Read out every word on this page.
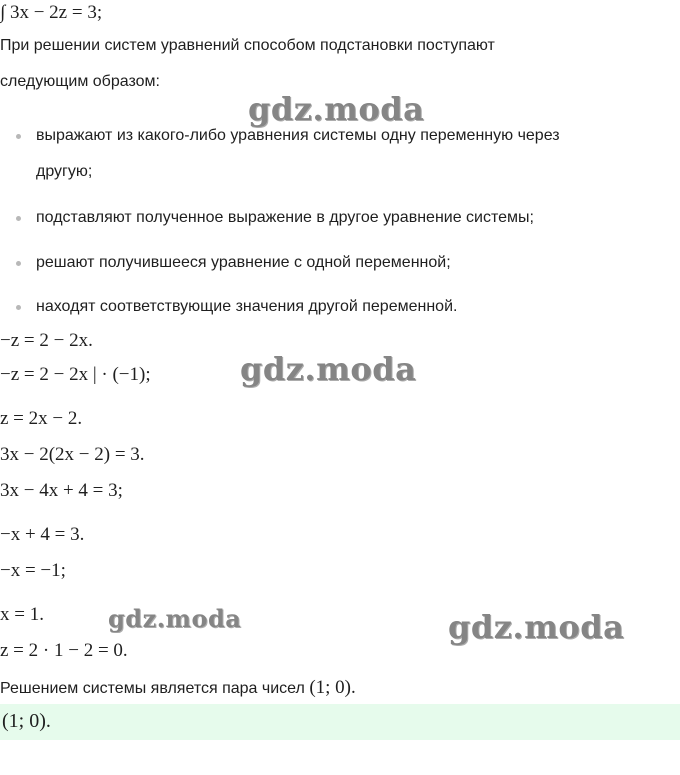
∫ 3x − 2z = 3;
При решении систем уравнений способом подстановки поступают
следующим образом:
выражают из какого-либо уравнения системы одну переменную через
другую;
подставляют полученное выражение в другое уравнение системы;
решают получившееся уравнение с одной переменной;
находят соответствующие значения другой переменной.
−z = 2 − 2x.
−z = 2 − 2x | · (−1);
z = 2x − 2.
3x − 2(2x − 2) = 3.
3x − 4x + 4 = 3;
−x + 4 = 3.
−x = −1;
x = 1.
z = 2 · 1 − 2 = 0.
Решением системы является пара чисел (1; 0).
(1; 0).
gdz.moda
gdz.moda
gdz.moda	gdz.moda
